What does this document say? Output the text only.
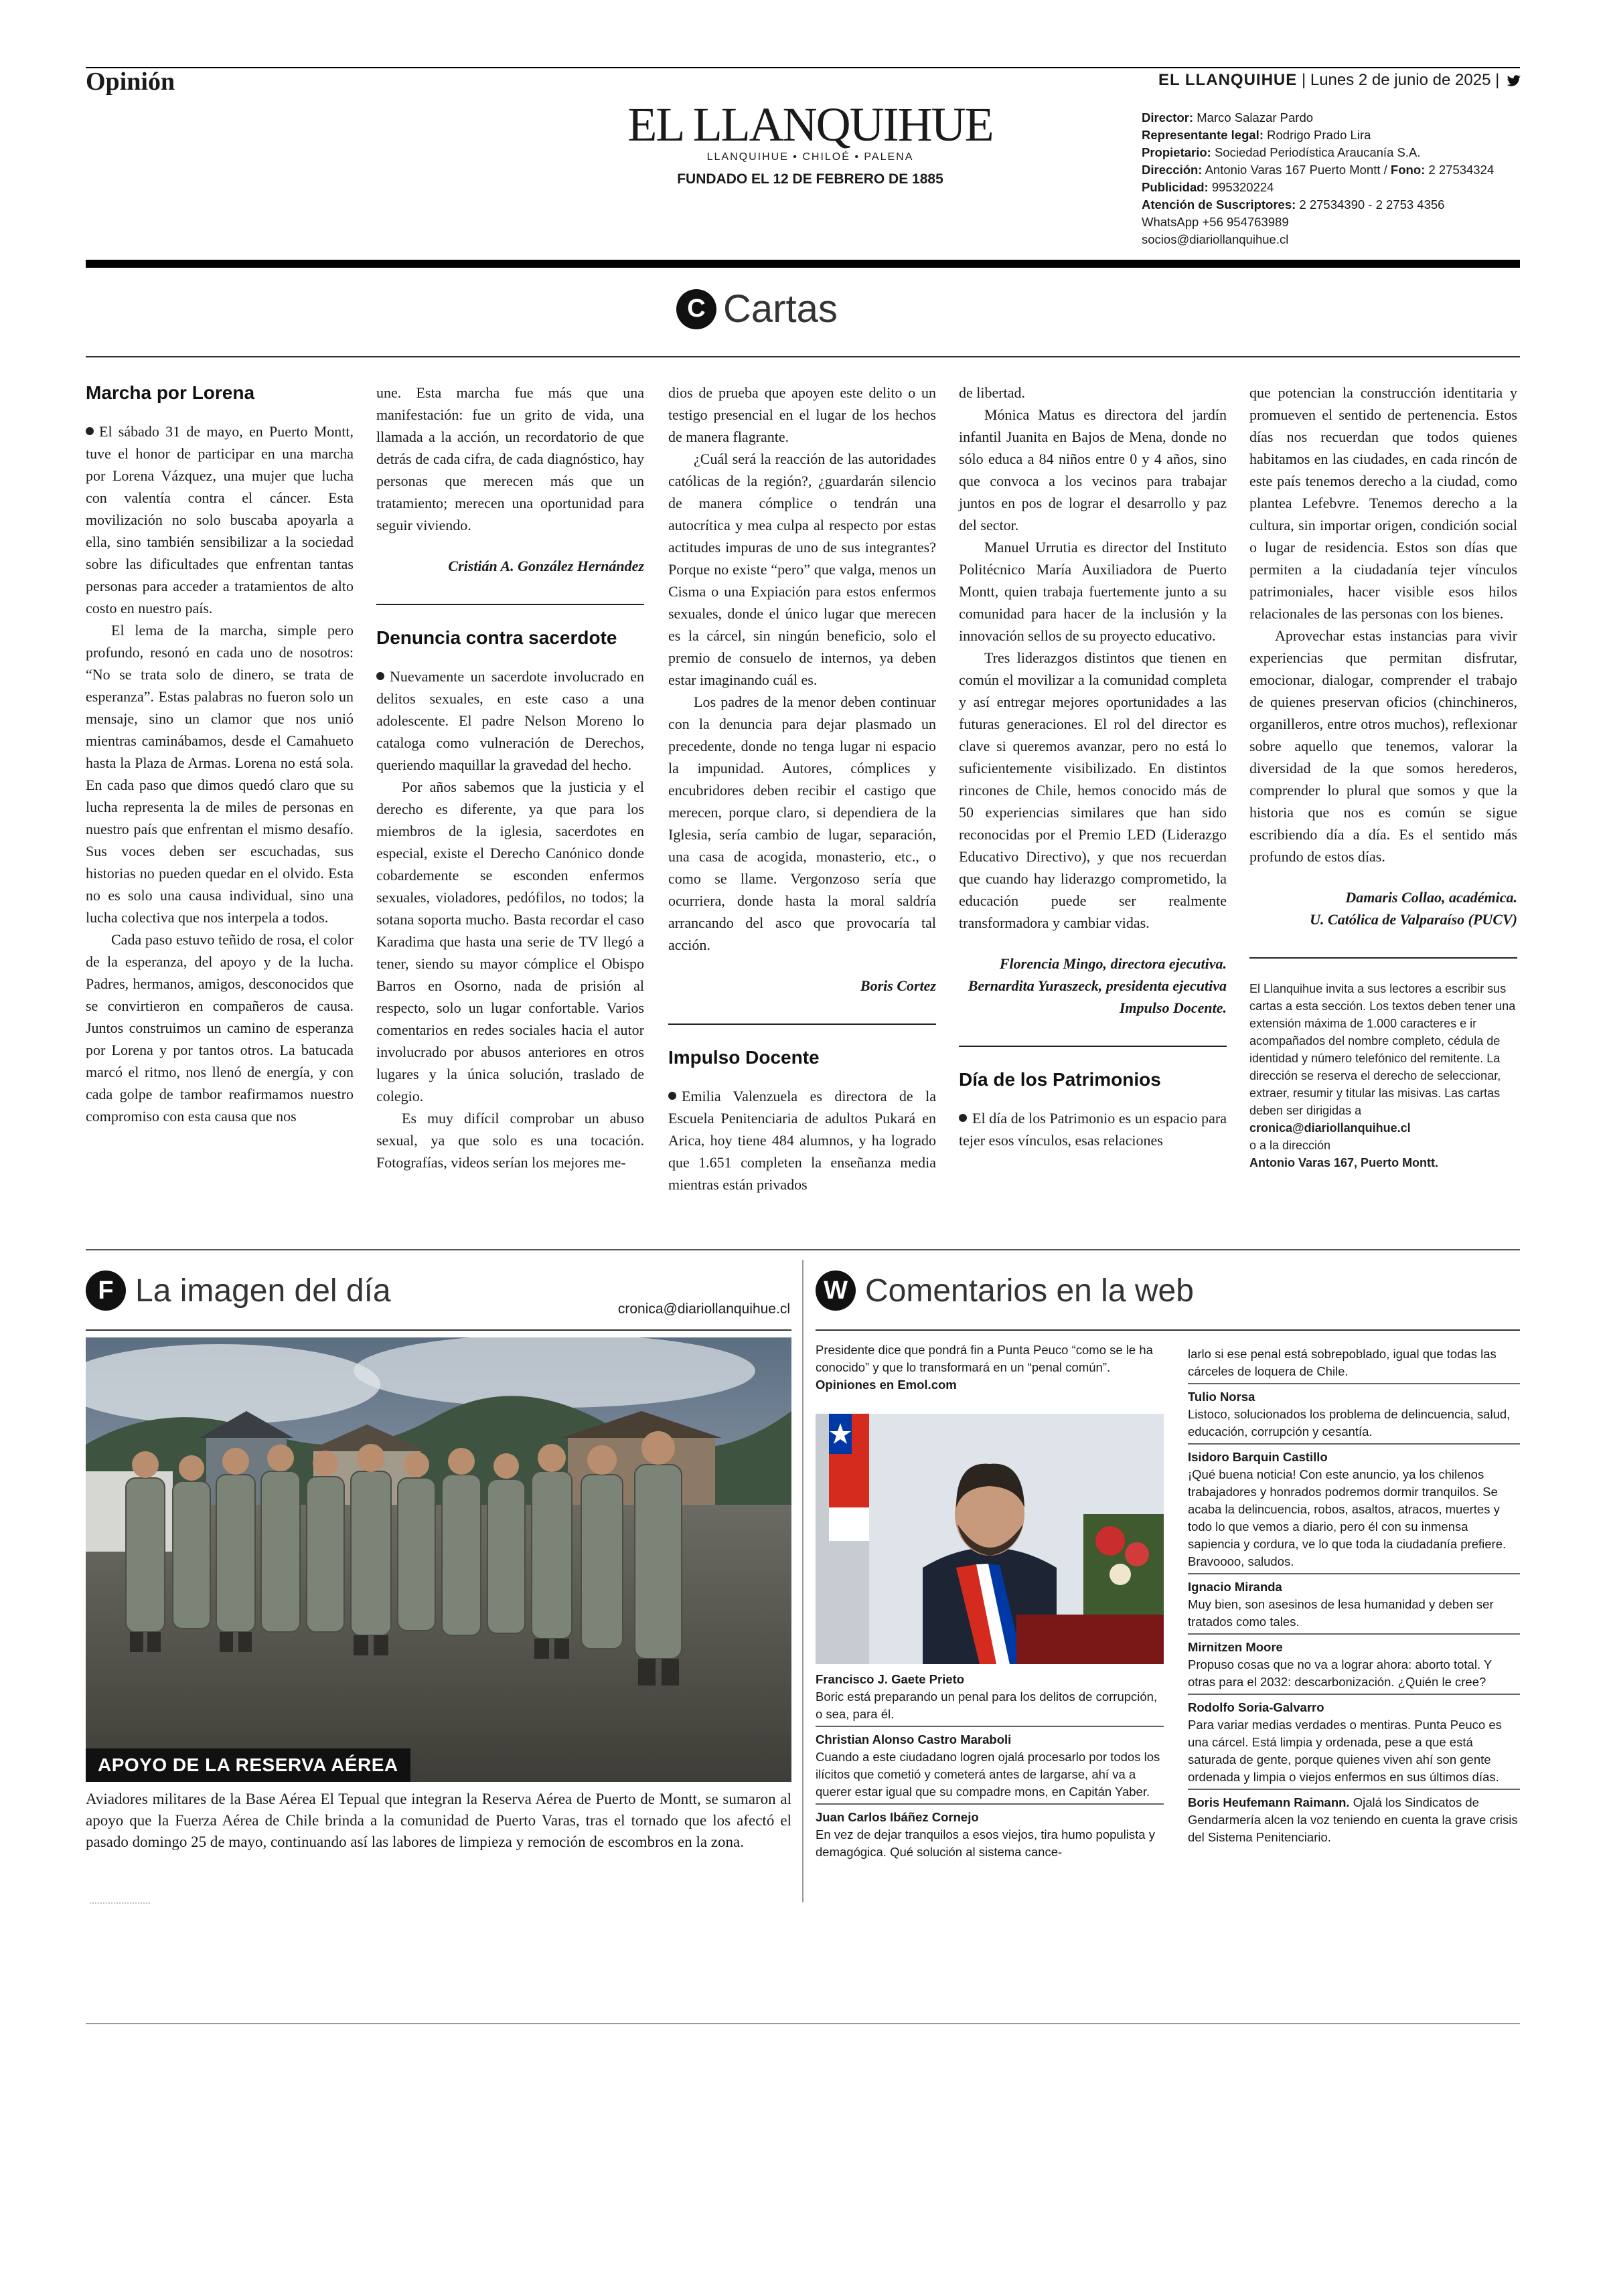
Opinión	EL LLANQUIHUE | Lunes 2 de junio de 2025 |
EL LLANQUIHUE
LLANQUIHUE • CHILOÉ • PALENA
FUNDADO EL 12 DE FEBRERO DE 1885
Director: Marco Salazar Pardo
Representante legal: Rodrigo Prado Lira
Propietario: Sociedad Periodística Araucanía S.A.
Dirección: Antonio Varas 167 Puerto Montt / Fono: 2 27534324
Publicidad: 995320224
Atención de Suscriptores: 2 27534390 - 2 2753 4356
WhatsApp +56 954763989
socios@diariollanquihue.cl
C Cartas
Marcha por Lorena

El sábado 31 de mayo, en Puerto Montt, tuve el honor de participar en una marcha por Lorena Vázquez, una mujer que lucha con valentía contra el cáncer. Esta movilización no solo buscaba apoyarla a ella, sino también sensibilizar a la sociedad sobre las dificultades que enfrentan tantas personas para acceder a tratamientos de alto costo en nuestro país.

El lema de la marcha, simple pero profundo, resonó en cada uno de nosotros: “No se trata solo de dinero, se trata de esperanza”. Estas palabras no fueron solo un mensaje, sino un clamor que nos unió mientras caminábamos, desde el Camahueto hasta la Plaza de Armas. Lorena no está sola. En cada paso que dimos quedó claro que su lucha representa la de miles de personas en nuestro país que enfrentan el mismo desafío. Sus voces deben ser escuchadas, sus historias no pueden quedar en el olvido. Esta no es solo una causa individual, sino una lucha colectiva que nos interpela a todos.

Cada paso estuvo teñido de rosa, el color de la esperanza, del apoyo y de la lucha. Padres, hermanos, amigos, desconocidos que se convirtieron en compañeros de causa. Juntos construimos un camino de esperanza por Lorena y por tantos otros. La batucada marcó el ritmo, nos llenó de energía, y con cada golpe de tambor reafirmamos nuestro compromiso con esta causa que nos

une. Esta marcha fue más que una manifestación: fue un grito de vida, una llamada a la acción, un recordatorio de que detrás de cada cifra, de cada diagnóstico, hay personas que merecen más que un tratamiento; merecen una oportunidad para seguir viviendo.

Cristián A. González Hernández

Denuncia contra sacerdote

Nuevamente un sacerdote involucrado en delitos sexuales, en este caso a una adolescente. El padre Nelson Moreno lo cataloga como vulneración de Derechos, queriendo maquillar la gravedad del hecho.

Por años sabemos que la justicia y el derecho es diferente, ya que para los miembros de la iglesia, sacerdotes en especial, existe el Derecho Canónico donde cobardemente se esconden enfermos sexuales, violadores, pedófilos, no todos; la sotana soporta mucho. Basta recordar el caso Karadima que hasta una serie de TV llegó a tener, siendo su mayor cómplice el Obispo Barros en Osorno, nada de prisión al respecto, solo un lugar confortable. Varios comentarios en redes sociales hacia el autor involucrado por abusos anteriores en otros lugares y la única solución, traslado de colegio.

Es muy difícil comprobar un abuso sexual, ya que solo es una tocación. Fotografías, videos serían los mejores me-

dios de prueba que apoyen este delito o un testigo presencial en el lugar de los hechos de manera flagrante.

¿Cuál será la reacción de las autoridades católicas de la región?, ¿guardarán silencio de manera cómplice o tendrán una autocrítica y mea culpa al respecto por estas actitudes impuras de uno de sus integrantes? Porque no existe “pero” que valga, menos un Cisma o una Expiación para estos enfermos sexuales, donde el único lugar que merecen es la cárcel, sin ningún beneficio, solo el premio de consuelo de internos, ya deben estar imaginando cuál es.

Los padres de la menor deben continuar con la denuncia para dejar plasmado un precedente, donde no tenga lugar ni espacio la impunidad. Autores, cómplices y encubridores deben recibir el castigo que merecen, porque claro, si dependiera de la Iglesia, sería cambio de lugar, separación, una casa de acogida, monasterio, etc., o como se llame. Vergonzoso sería que ocurriera, donde hasta la moral saldría arrancando del asco que provocaría tal acción.

Boris Cortez

Impulso Docente

Emilia Valenzuela es directora de la Escuela Penitenciaria de adultos Pukará en Arica, hoy tiene 484 alumnos, y ha logrado que 1.651 completen la enseñanza media mientras están privados

de libertad.

Mónica Matus es directora del jardín infantil Juanita en Bajos de Mena, donde no sólo educa a 84 niños entre 0 y 4 años, sino que convoca a los vecinos para trabajar juntos en pos de lograr el desarrollo y paz del sector.

Manuel Urrutia es director del Instituto Politécnico María Auxiliadora de Puerto Montt, quien trabaja fuertemente junto a su comunidad para hacer de la inclusión y la innovación sellos de su proyecto educativo.

Tres liderazgos distintos que tienen en común el movilizar a la comunidad completa y así entregar mejores oportunidades a las futuras generaciones. El rol del director es clave si queremos avanzar, pero no está lo suficientemente visibilizado. En distintos rincones de Chile, hemos conocido más de 50 experiencias similares que han sido reconocidas por el Premio LED (Liderazgo Educativo Directivo), y que nos recuerdan que cuando hay liderazgo comprometido, la educación puede ser realmente transformadora y cambiar vidas.

Florencia Mingo, directora ejecutiva.

Bernardita Yuraszeck, presidenta ejecutiva Impulso Docente.

Día de los Patrimonios

El día de los Patrimonio es un espacio para tejer esos vínculos, esas relaciones

que potencian la construcción identitaria y promueven el sentido de pertenencia. Estos días nos recuerdan que todos quienes habitamos en las ciudades, en cada rincón de este país tenemos derecho a la ciudad, como plantea Lefebvre. Tenemos derecho a la cultura, sin importar origen, condición social o lugar de residencia. Estos son días que permiten a la ciudadanía tejer vínculos patrimoniales, hacer visible esos hilos relacionales de las personas con los bienes.

Aprovechar estas instancias para vivir experiencias que permitan disfrutar, emocionar, dialogar, comprender el trabajo de quienes preservan oficios (chinchineros, organilleros, entre otros muchos), reflexionar sobre aquello que tenemos, valorar la diversidad de la que somos herederos, comprender lo plural que somos y que la historia que nos es común se sigue escribiendo día a día. Es el sentido más profundo de estos días.

Damaris Collao, académica.

U. Católica de Valparaíso (PUCV)

El Llanquihue invita a sus lectores a escribir sus cartas a esta sección. Los textos deben tener una extensión máxima de 1.000 caracteres e ir acompañados del nombre completo, cédula de identidad y número telefónico del remitente. La dirección se reserva el derecho de seleccionar, extraer, resumir y titular las misivas. Las cartas deben ser dirigidas a
cronica@diariollanquihue.cl
o a la dirección
Antonio Varas 167, Puerto Montt.
F La imagen del día
cronica@diariollanquihue.cl
APOYO DE LA RESERVA AÉREA
Aviadores militares de la Base Aérea El Tepual que integran la Reserva Aérea de Puerto de Montt, se sumaron al apoyo que la Fuerza Aérea de Chile brinda a la comunidad de Puerto Varas, tras el tornado que los afectó el pasado domingo 25 de mayo, continuando así las labores de limpieza y remoción de escombros en la zona.
W Comentarios en la web
Presidente dice que pondrá fin a Punta Peuco “como se le ha conocido” y que lo transformará en un “penal común”. Opiniones en Emol.com
Francisco J. Gaete Prieto
Boric está preparando un penal para los delitos de corrupción, o sea, para él.
Christian Alonso Castro Maraboli
Cuando a este ciudadano logren ojalá procesarlo por todos los ilícitos que cometió y cometerá antes de largarse, ahí va a querer estar igual que su compadre mons, en Capitán Yaber.
Juan Carlos Ibáñez Cornejo
En vez de dejar tranquilos a esos viejos, tira humo populista y demagógica. Qué solución al sistema cance-
larlo si ese penal está sobrepoblado, igual que todas las cárceles de loquera de Chile.
Tulio Norsa
Listoco, solucionados los problema de delincuencia, salud, educación, corrupción y cesantía.
Isidoro Barquin Castillo
¡Qué buena noticia! Con este anuncio, ya los chilenos trabajadores y honrados podremos dormir tranquilos. Se acaba la delincuencia, robos, asaltos, atracos, muertes y todo lo que vemos a diario, pero él con su inmensa sapiencia y cordura, ve lo que toda la ciudadanía prefiere. Bravoooo, saludos.
Ignacio Miranda
Muy bien, son asesinos de lesa humanidad y deben ser tratados como tales.
Mirnitzen Moore
Propuso cosas que no va a lograr ahora: aborto total. Y otras para el 2032: descarbonización. ¿Quién le cree?
Rodolfo Soria-Galvarro
Para variar medias verdades o mentiras. Punta Peuco es una cárcel. Está limpia y ordenada, pese a que está saturada de gente, porque quienes viven ahí son gente ordenada y limpia o viejos enfermos en sus últimos días.
Boris Heufemann Raimann. Ojalá los Sindicatos de Gendarmería alcen la voz teniendo en cuenta la grave crisis del Sistema Penitenciario.
